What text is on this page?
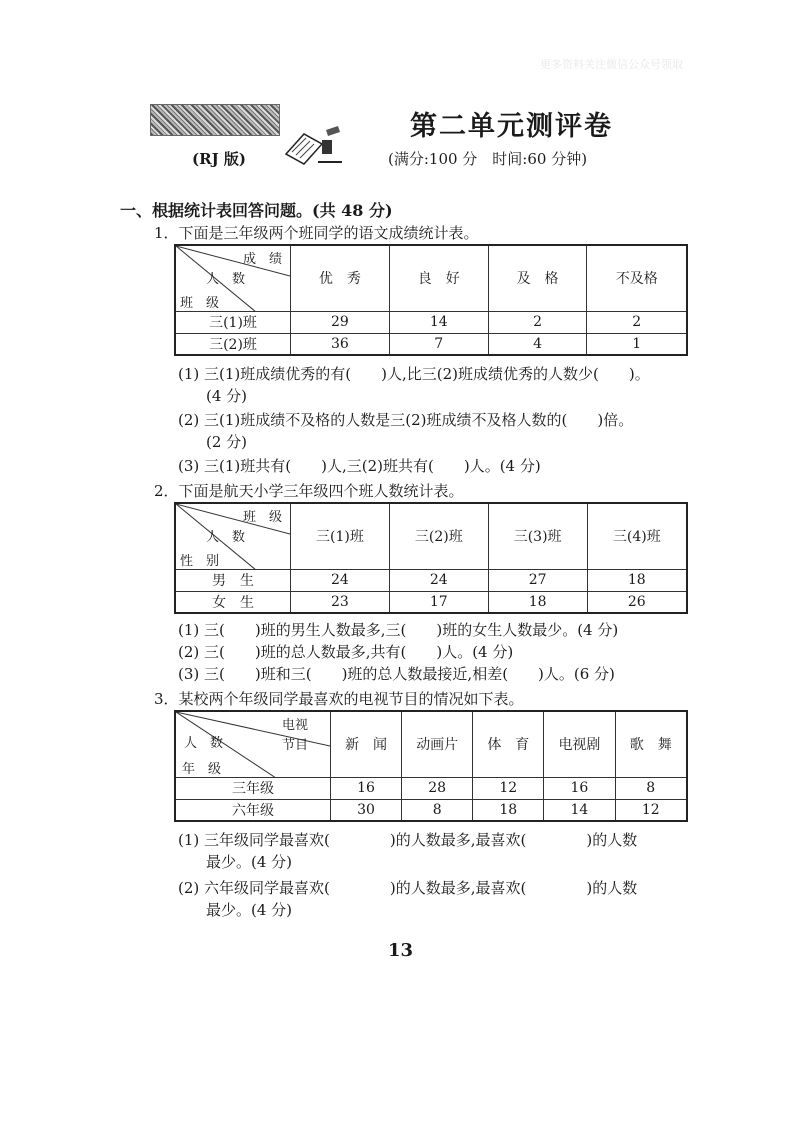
更多资料关注微信公众号领取
第二单元测评卷
(RJ 版)	(满分:100 分　时间:60 分钟)
一、根据统计表回答问题。(共 48 分)
1．下面是三年级两个班同学的语文成绩统计表。
成　绩
人　数
班　级	优　秀	良　好	及　格	不及格
三(1)班	29	14	2	2
三(2)班	36	7	4	1
(1) 三(1)班成绩优秀的有(　　)人,比三(2)班成绩优秀的人数少(　　)。
(4 分)
(2) 三(1)班成绩不及格的人数是三(2)班成绩不及格人数的(　　)倍。
(2 分)
(3) 三(1)班共有(　　)人,三(2)班共有(　　)人。(4 分)
2．下面是航天小学三年级四个班人数统计表。
班　级
人　数
性　别	三(1)班	三(2)班	三(3)班	三(4)班
男　生	24	24	27	18
女　生	23	17	18	26
(1) 三(　　)班的男生人数最多,三(　　)班的女生人数最少。(4 分)
(2) 三(　　)班的总人数最多,共有(　　)人。(4 分)
(3) 三(　　)班和三(　　)班的总人数最接近,相差(　　)人。(6 分)
3．某校两个年级同学最喜欢的电视节目的情况如下表。
电视
节目
人　数
年　级	新　闻	动画片	体　育	电视剧	歌　舞
三年级	16	28	12	16	8
六年级	30	8	18	14	12
(1) 三年级同学最喜欢(　　　　)的人数最多,最喜欢(　　　　)的人数
最少。(4 分)
(2) 六年级同学最喜欢(　　　　)的人数最多,最喜欢(　　　　)的人数
最少。(4 分)
13
